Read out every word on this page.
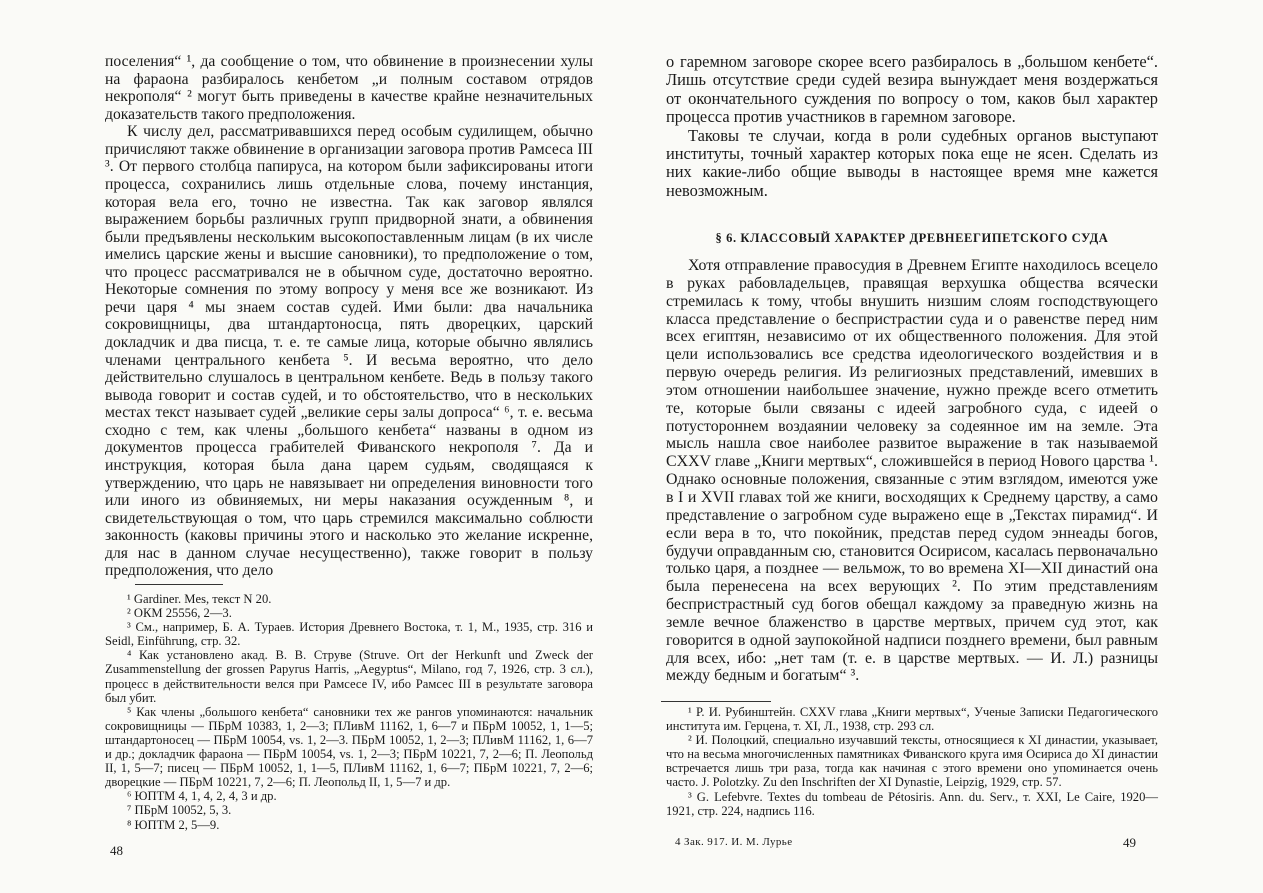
поселения“ ¹, да сообщение о том, что обвинение в произнесении хулы на фараона разбиралось кенбетом „и полным составом отрядов некрополя“ ² могут быть приведены в качестве крайне незначительных доказательств такого предположения.

К числу дел, рассматривавшихся перед особым судилищем, обычно причисляют также обвинение в организации заговора против Рамсеса III ³. От первого столбца папируса, на котором были зафиксированы итоги процесса, сохранились лишь отдельные слова, почему инстанция, которая вела его, точно не известна. Так как заговор являлся выражением борьбы различных групп придворной знати, а обвинения были предъявлены нескольким высокопоставленным лицам (в их числе имелись царские жены и высшие сановники), то предположение о том, что процесс рассматривался не в обычном суде, достаточно вероятно. Некоторые сомнения по этому вопросу у меня все же возникают. Из речи царя ⁴ мы знаем состав судей. Ими были: два начальника сокровищницы, два штандартоносца, пять дворецких, царский докладчик и два писца, т. е. те самые лица, которые обычно являлись членами центрального кенбета ⁵. И весьма вероятно, что дело действительно слушалось в центральном кенбете. Ведь в пользу такого вывода говорит и состав судей, и то обстоятельство, что в нескольких местах текст называет судей „великие серы залы допроса“ ⁶, т. е. весьма сходно с тем, как члены „большого кенбета“ названы в одном из документов процесса грабителей Фиванского некрополя ⁷. Да и инструкция, которая была дана царем судьям, сводящаяся к утверждению, что царь не навязывает ни определения виновности того или иного из обвиняемых, ни меры наказания осужденным ⁸, и свидетельствующая о том, что царь стремился максимально соблюсти законность (каковы причины этого и насколько это желание искренне, для нас в данном случае несущественно), также говорит в пользу предположения, что дело

¹ Gardiner. Mes, текст N 20.

² ОКМ 25556, 2—3.

³ См., например, Б. А. Тураев. История Древнего Востока, т. 1, М., 1935, стр. 316 и Seidl, Einführung, стр. 32.

⁴ Как установлено акад. В. В. Струве (Struve. Ort der Herkunft und Zweck der Zusammenstellung der grossen Papyrus Harris, „Aegyptus“, Milano, год 7, 1926, стр. 3 сл.), процесс в действительности велся при Рамсесе IV, ибо Рамсес III в результате заговора был убит.

⁵ Как члены „большого кенбета“ сановники тех же рангов упоминаются: начальник сокровищницы — ПБрМ 10383, 1, 2—3; ПЛивМ 11162, 1, 6—7 и ПБрМ 10052, 1, 1—5; штандартоносец — ПБрМ 10054, vs. 1, 2—3. ПБрМ 10052, 1, 2—3; ПЛивМ 11162, 1, 6—7 и др.; докладчик фараона — ПБрМ 10054, vs. 1, 2—3; ПБрМ 10221, 7, 2—6; П. Леопольд II, 1, 5—7; писец — ПБрМ 10052, 1, 1—5, ПЛивМ 11162, 1, 6—7; ПБрМ 10221, 7, 2—6; дворецкие — ПБрМ 10221, 7, 2—6; П. Леопольд II, 1, 5—7 и др.

⁶ ЮПТМ 4, 1, 4, 2, 4, 3 и др.

⁷ ПБрМ 10052, 5, 3.

⁸ ЮПТМ 2, 5—9.

48

о гаремном заговоре скорее всего разбиралось в „большом кенбете“. Лишь отсутствие среди судей везира вынуждает меня воздержаться от окончательного суждения по вопросу о том, каков был характер процесса против участников в гаремном заговоре.

Таковы те случаи, когда в роли судебных органов выступают институты, точный характер которых пока еще не ясен. Сделать из них какие-либо общие выводы в настоящее время мне кажется невозможным.

§ 6. КЛАССОВЫЙ ХАРАКТЕР ДРЕВНЕЕГИПЕТСКОГО СУДА

Хотя отправление правосудия в Древнем Египте находилось всецело в руках рабовладельцев, правящая верхушка общества всячески стремилась к тому, чтобы внушить низшим слоям господствующего класса представление о беспристрастии суда и о равенстве перед ним всех египтян, независимо от их общественного положения. Для этой цели использовались все средства идеологического воздействия и в первую очередь религия. Из религиозных представлений, имевших в этом отношении наибольшее значение, нужно прежде всего отметить те, которые были связаны с идеей загробного суда, с идеей о потустороннем воздаянии человеку за содеянное им на земле. Эта мысль нашла свое наиболее развитое выражение в так называемой CXXV главе „Книги мертвых“, сложившейся в период Нового царства ¹. Однако основные положения, связанные с этим взглядом, имеются уже в I и XVII главах той же книги, восходящих к Среднему царству, а само представление о загробном суде выражено еще в „Текстах пирамид“. И если вера в то, что покойник, представ перед судом эннеады богов, будучи оправданным сю, становится Осирисом, касалась первоначально только царя, а позднее — вельмож, то во времена XI—XII династий она была перенесена на всех верующих ². По этим представлениям беспристрастный суд богов обещал каждому за праведную жизнь на земле вечное блаженство в царстве мертвых, причем суд этот, как говорится в одной заупокойной надписи позднего времени, был равным для всех, ибо: „нет там (т. е. в царстве мертвых. — И. Л.) разницы между бедным и богатым“ ³.

¹ Р. И. Рубинштейн. CXXV глава „Книги мертвых“, Ученые Записки Педагогического института им. Герцена, т. XI, Л., 1938, стр. 293 сл.

² И. Полоцкий, специально изучавший тексты, относящиеся к XI династии, указывает, что на весьма многочисленных памятниках Фиванского круга имя Осириса до XI династии встречается лишь три раза, тогда как начиная с этого времени оно упоминается очень часто. J. Polotzky. Zu den Inschriften der XI Dynastie, Leipzig, 1929, стр. 57.

³ G. Lefebvre. Textes du tombeau de Pétosiris. Ann. du. Serv., т. XXI, Le Caire, 1920—1921, стр. 224, надпись 116.

4 Зак. 917. И. М. Лурье	49
